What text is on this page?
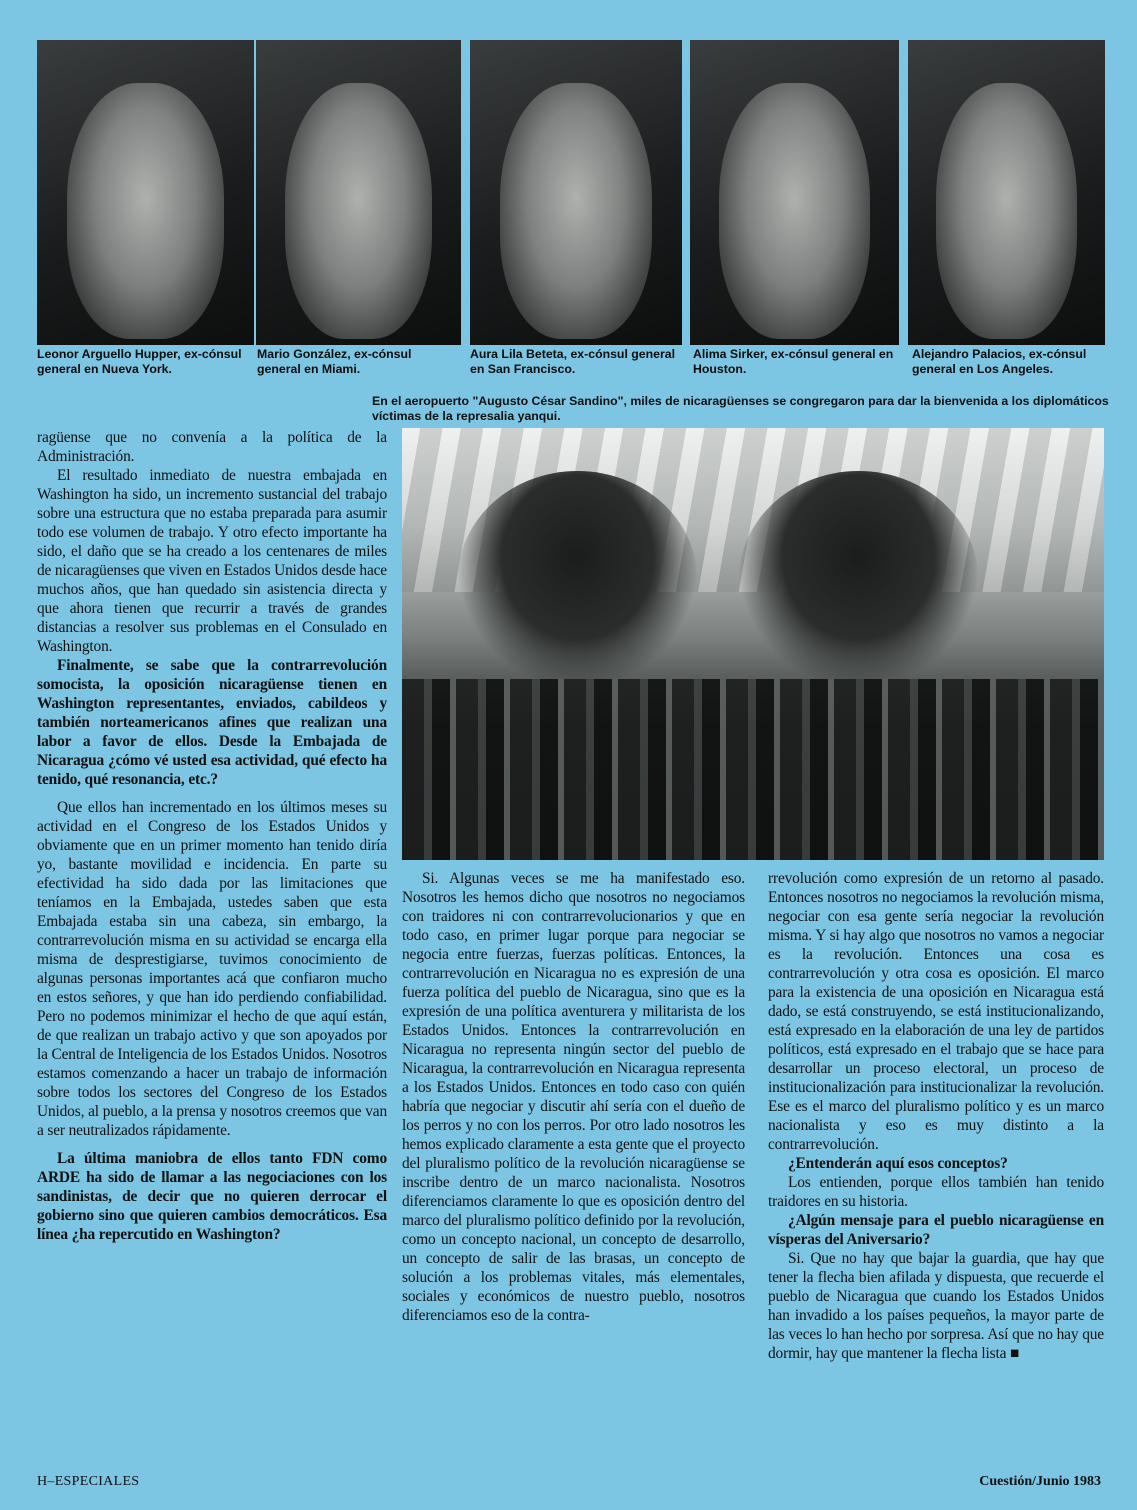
Leonor Arguello Hupper, ex-cónsul general en Nueva York.
Mario González, ex-cónsul general en Miami.
Aura Lila Beteta, ex-cónsul general en San Francisco.
Alima Sirker, ex-cónsul general en Houston.
Alejandro Palacios, ex-cónsul general en Los Angeles.
En el aeropuerto "Augusto César Sandino", miles de nicaragüenses se congregaron para dar la bienvenida a los diplomáticos víctimas de la represalia yanqui.

ragüense que no convenía a la política de la Administración.

El resultado inmediato de nuestra embajada en Washington ha sido, un incremento sustancial del trabajo sobre una estructura que no estaba preparada para asumir todo ese volumen de trabajo. Y otro efecto importante ha sido, el daño que se ha creado a los centenares de miles de nicaragüenses que viven en Estados Unidos desde hace muchos años, que han quedado sin asistencia directa y que ahora tienen que recurrir a través de grandes distancias a resolver sus problemas en el Consulado en Washington.

Finalmente, se sabe que la contrarrevolución somocista, la oposición nicaragüense tienen en Washington representantes, enviados, cabildeos y también norteamericanos afines que realizan una labor a favor de ellos. Desde la Embajada de Nicaragua ¿cómo vé usted esa actividad, qué efecto ha tenido, qué resonancia, etc.?

Que ellos han incrementado en los últimos meses su actividad en el Congreso de los Estados Unidos y obviamente que en un primer momento han tenido diría yo, bastante movilidad e incidencia. En parte su efectividad ha sido dada por las limitaciones que teníamos en la Embajada, ustedes saben que esta Embajada estaba sin una cabeza, sin embargo, la contrarrevolución misma en su actividad se encarga ella misma de desprestigiarse, tuvimos conocimiento de algunas personas importantes acá que confiaron mucho en estos señores, y que han ido perdiendo confiabilidad. Pero no podemos minimizar el hecho de que aquí están, de que realizan un trabajo activo y que son apoyados por la Central de Inteligencia de los Estados Unidos. Nosotros estamos comenzando a hacer un trabajo de información sobre todos los sectores del Congreso de los Estados Unidos, al pueblo, a la prensa y nosotros creemos que van a ser neutralizados rápidamente.

La última maniobra de ellos tanto FDN como ARDE ha sido de llamar a las negociaciones con los sandinistas, de decir que no quieren derrocar el gobierno sino que quieren cambios democráticos. Esa línea ¿ha repercutido en Washington?

Si. Algunas veces se me ha manifestado eso. Nosotros les hemos dicho que nosotros no negociamos con traidores ni con contrarrevolucionarios y que en todo caso, en primer lugar porque para negociar se negocia entre fuerzas, fuerzas políticas. Entonces, la contrarrevolución en Nicaragua no es expresión de una fuerza política del pueblo de Nicaragua, sino que es la expresión de una política aventurera y militarista de los Estados Unidos. Entonces la contrarrevolución en Nicaragua no representa ningún sector del pueblo de Nicaragua, la contrarrevolución en Nicaragua representa a los Estados Unidos. Entonces en todo caso con quién habría que negociar y discutir ahí sería con el dueño de los perros y no con los perros. Por otro lado nosotros les hemos explicado claramente a esta gente que el proyecto del pluralismo político de la revolución nicaragüense se inscribe dentro de un marco nacionalista. Nosotros diferenciamos claramente lo que es oposición dentro del marco del pluralismo político definido por la revolución, como un concepto nacional, un concepto de desarrollo, un concepto de salir de las brasas, un concepto de solución a los problemas vitales, más elementales, sociales y económicos de nuestro pueblo, nosotros diferenciamos eso de la contra-

rrevolución como expresión de un retorno al pasado. Entonces nosotros no negociamos la revolución misma, negociar con esa gente sería negociar la revolución misma. Y si hay algo que nosotros no vamos a negociar es la revolución. Entonces una cosa es contrarrevolución y otra cosa es oposición. El marco para la existencia de una oposición en Nicaragua está dado, se está construyendo, se está institucionalizando, está expresado en la elaboración de una ley de partidos políticos, está expresado en el trabajo que se hace para desarrollar un proceso electoral, un proceso de institucionalización para institucionalizar la revolución. Ese es el marco del pluralismo político y es un marco nacionalista y eso es muy distinto a la contrarrevolución.

¿Entenderán aquí esos conceptos?

Los entienden, porque ellos también han tenido traidores en su historia.

¿Algún mensaje para el pueblo nicaragüense en vísperas del Aniversario?

Si. Que no hay que bajar la guardia, que hay que tener la flecha bien afilada y dispuesta, que recuerde el pueblo de Nicaragua que cuando los Estados Unidos han invadido a los países pequeños, la mayor parte de las veces lo han hecho por sorpresa. Así que no hay que dormir, hay que mantener la flecha lista ■

H–ESPECIALES	Cuestión/Junio 1983
